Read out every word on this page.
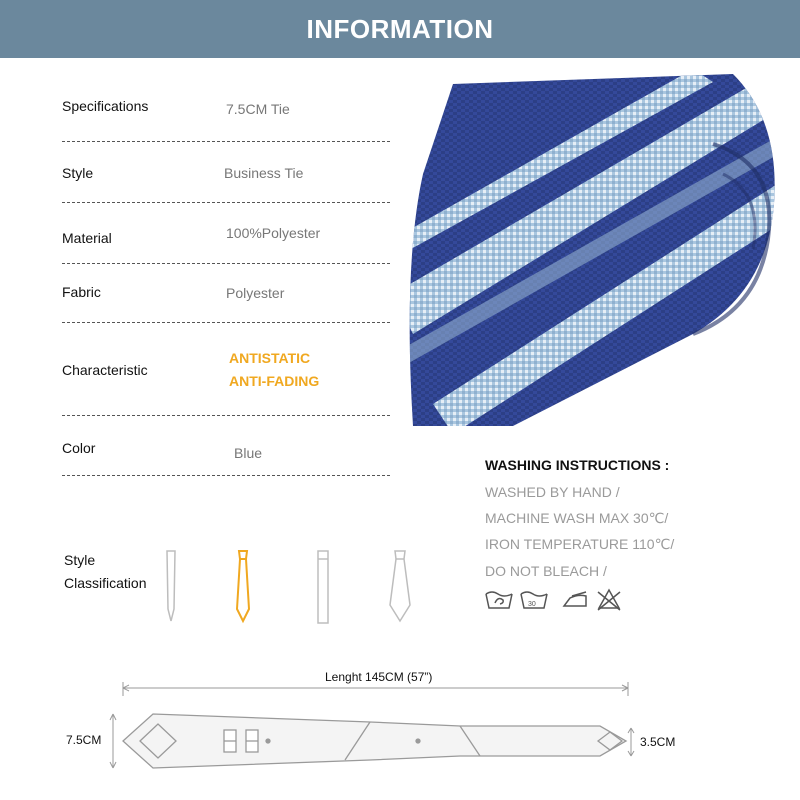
INFORMATION
Specifications	7.5CM Tie
Style	Business Tie
Material	100%Polyester
Fabric	Polyester
Characteristic
ANTISTATIC
ANTI-FADING
Color	Blue
WASHING INSTRUCTIONS :
WASHED BY HAND /
MACHINE WASH MAX 30℃/
IRON TEMPERATURE 110℃/
DO NOT BLEACH /
30
Style
Classification
Lenght 145CM (57”)
7.5CM	3.5CM
